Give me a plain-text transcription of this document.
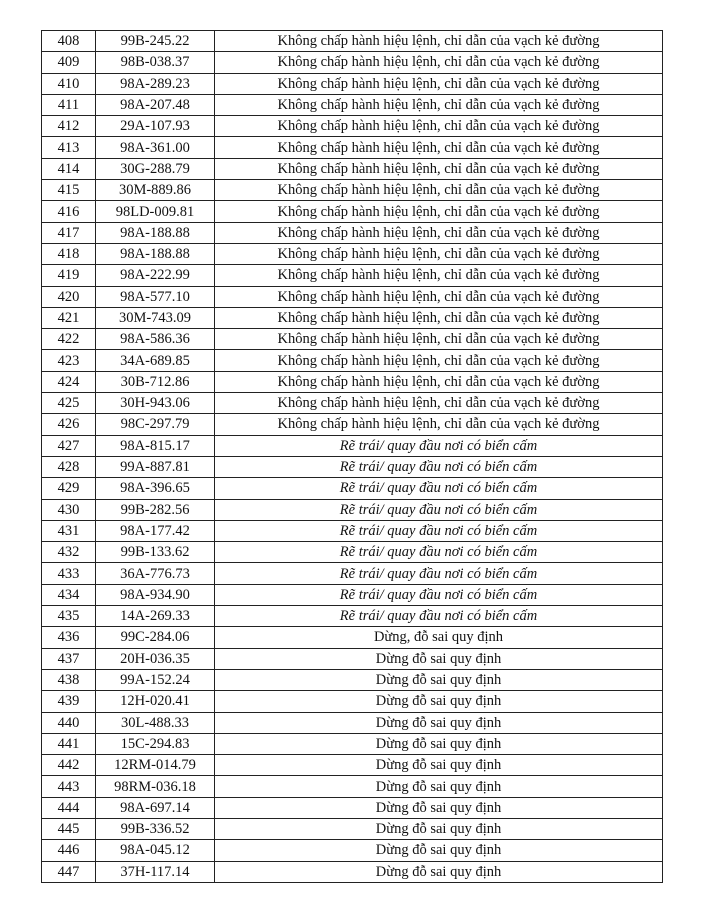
408	99B-245.22	Không chấp hành hiệu lệnh, chỉ dẫn của vạch kẻ đường
409	98B-038.37	Không chấp hành hiệu lệnh, chỉ dẫn của vạch kẻ đường
410	98A-289.23	Không chấp hành hiệu lệnh, chỉ dẫn của vạch kẻ đường
411	98A-207.48	Không chấp hành hiệu lệnh, chỉ dẫn của vạch kẻ đường
412	29A-107.93	Không chấp hành hiệu lệnh, chỉ dẫn của vạch kẻ đường
413	98A-361.00	Không chấp hành hiệu lệnh, chỉ dẫn của vạch kẻ đường
414	30G-288.79	Không chấp hành hiệu lệnh, chỉ dẫn của vạch kẻ đường
415	30M-889.86	Không chấp hành hiệu lệnh, chỉ dẫn của vạch kẻ đường
416	98LD-009.81	Không chấp hành hiệu lệnh, chỉ dẫn của vạch kẻ đường
417	98A-188.88	Không chấp hành hiệu lệnh, chỉ dẫn của vạch kẻ đường
418	98A-188.88	Không chấp hành hiệu lệnh, chỉ dẫn của vạch kẻ đường
419	98A-222.99	Không chấp hành hiệu lệnh, chỉ dẫn của vạch kẻ đường
420	98A-577.10	Không chấp hành hiệu lệnh, chỉ dẫn của vạch kẻ đường
421	30M-743.09	Không chấp hành hiệu lệnh, chỉ dẫn của vạch kẻ đường
422	98A-586.36	Không chấp hành hiệu lệnh, chỉ dẫn của vạch kẻ đường
423	34A-689.85	Không chấp hành hiệu lệnh, chỉ dẫn của vạch kẻ đường
424	30B-712.86	Không chấp hành hiệu lệnh, chỉ dẫn của vạch kẻ đường
425	30H-943.06	Không chấp hành hiệu lệnh, chỉ dẫn của vạch kẻ đường
426	98C-297.79	Không chấp hành hiệu lệnh, chỉ dẫn của vạch kẻ đường
427	98A-815.17	Rẽ trái/ quay đầu nơi có biển cấm
428	99A-887.81	Rẽ trái/ quay đầu nơi có biển cấm
429	98A-396.65	Rẽ trái/ quay đầu nơi có biển cấm
430	99B-282.56	Rẽ trái/ quay đầu nơi có biển cấm
431	98A-177.42	Rẽ trái/ quay đầu nơi có biển cấm
432	99B-133.62	Rẽ trái/ quay đầu nơi có biển cấm
433	36A-776.73	Rẽ trái/ quay đầu nơi có biển cấm
434	98A-934.90	Rẽ trái/ quay đầu nơi có biển cấm
435	14A-269.33	Rẽ trái/ quay đầu nơi có biển cấm
436	99C-284.06	Dừng, đỗ sai quy định
437	20H-036.35	Dừng đỗ sai quy định
438	99A-152.24	Dừng đỗ sai quy định
439	12H-020.41	Dừng đỗ sai quy định
440	30L-488.33	Dừng đỗ sai quy định
441	15C-294.83	Dừng đỗ sai quy định
442	12RM-014.79	Dừng đỗ sai quy định
443	98RM-036.18	Dừng đỗ sai quy định
444	98A-697.14	Dừng đỗ sai quy định
445	99B-336.52	Dừng đỗ sai quy định
446	98A-045.12	Dừng đỗ sai quy định
447	37H-117.14	Dừng đỗ sai quy định
